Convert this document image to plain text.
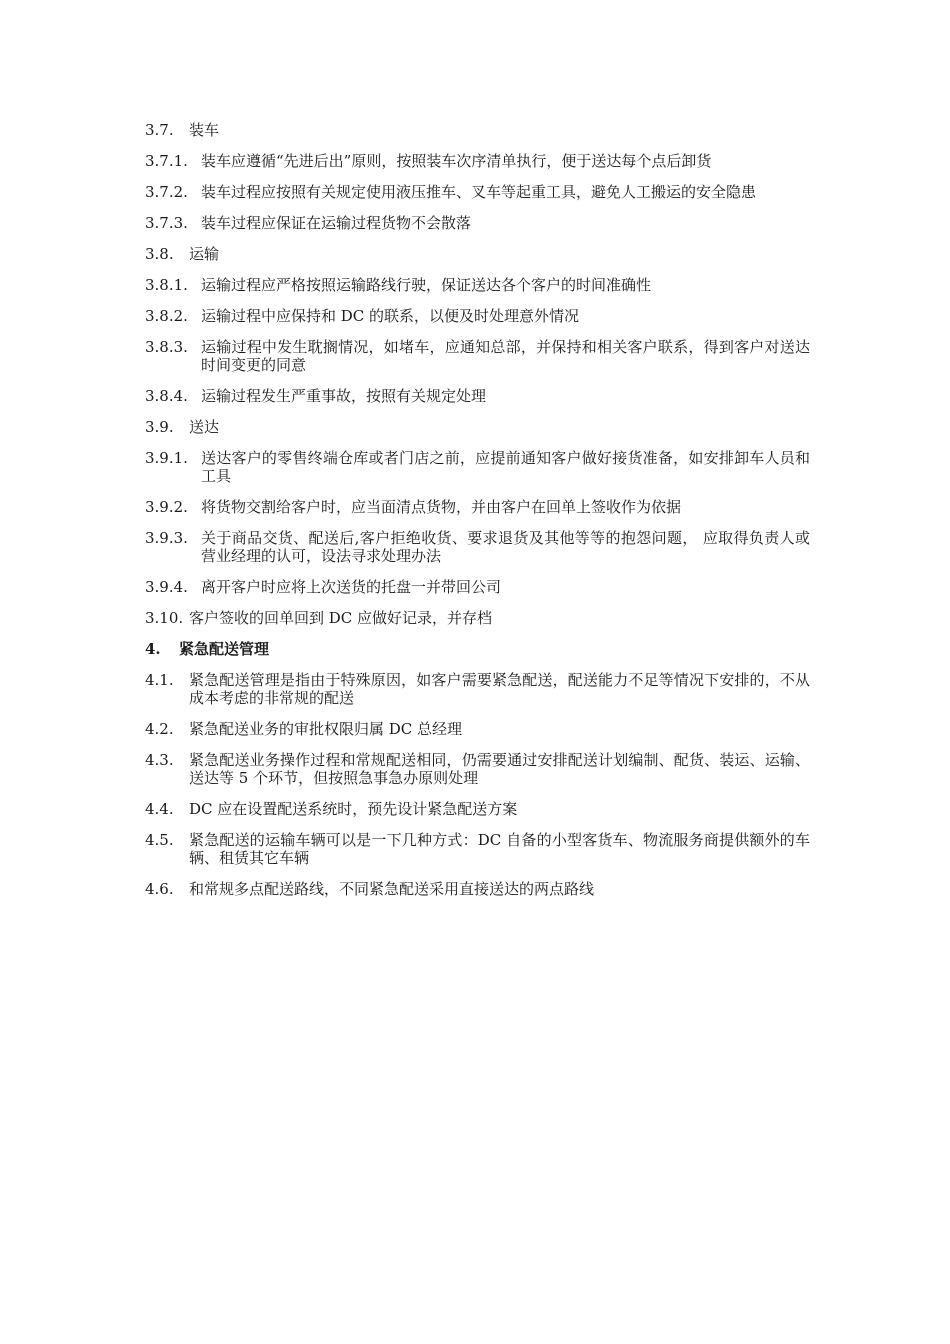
3.7.	装车
3.7.1. 装车应遵循“先进后出”原则，按照装车次序清单执行，便于送达每个点后卸货
3.7.2. 装车过程应按照有关规定使用液压推车、叉车等起重工具，避免人工搬运的安全隐患
3.7.3. 装车过程应保证在运输过程货物不会散落
3.8.	运输
3.8.1. 运输过程应严格按照运输路线行驶，保证送达各个客户的时间准确性
3.8.2. 运输过程中应保持和 DC 的联系，以便及时处理意外情况
3.8.3. 运输过程中发生耽搁情况，如堵车，应通知总部，并保持和相关客户联系，得到客户对送达时间变更的同意
3.8.4. 运输过程发生严重事故，按照有关规定处理
3.9.	送达
3.9.1. 送达客户的零售终端仓库或者门店之前，应提前通知客户做好接货准备，如安排卸车人员和工具
3.9.2. 将货物交割给客户时，应当面清点货物，并由客户在回单上签收作为依据
3.9.3. 关于商品交货、配送后,客户拒绝收货、要求退货及其他等等的抱怨问题， 应取得负责人或营业经理的认可，设法寻求处理办法
3.9.4. 离开客户时应将上次送货的托盘一并带回公司
3.10. 客户签收的回单回到 DC 应做好记录，并存档
4.	紧急配送管理
4.1.	紧急配送管理是指由于特殊原因，如客户需要紧急配送，配送能力不足等情况下安排的，不从成本考虑的非常规的配送
4.2.	紧急配送业务的审批权限归属 DC 总经理
4.3.	紧急配送业务操作过程和常规配送相同，仍需要通过安排配送计划编制、配货、装运、运输、送达等 5 个环节，但按照急事急办原则处理
4.4.	DC 应在设置配送系统时，预先设计紧急配送方案
4.5.	紧急配送的运输车辆可以是一下几种方式：DC 自备的小型客货车、物流服务商提供额外的车辆、租赁其它车辆
4.6.	和常规多点配送路线，不同紧急配送采用直接送达的两点路线
